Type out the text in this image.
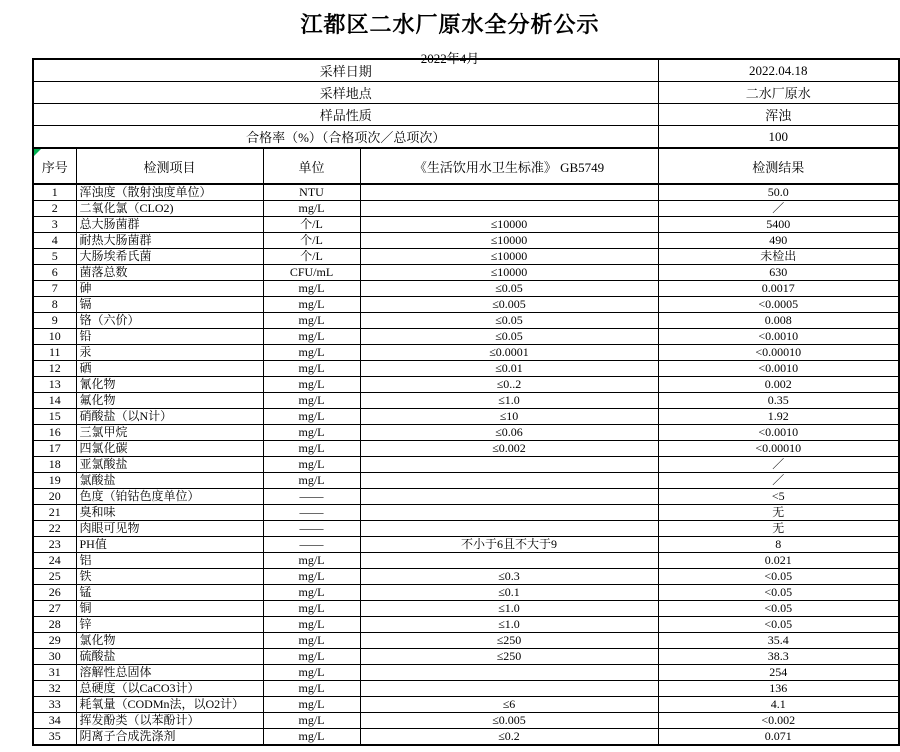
江都区二水厂原水全分析公示
2022年4月
采样日期				2022.04.18
采样地点				二水厂原水
样品性质				浑浊
合格率（%）（合格项次／总项次）				100
序号	检测项目	单位	《生活饮用水卫生标准》 GB5749	检测结果
1	浑浊度（散射浊度单位）	NTU		50.0
2	二氧化氯（CLO2)	mg/L		／
3	总大肠菌群	个/L	≤10000	5400
4	耐热大肠菌群	个/L	≤10000	490
5	大肠埃希氏菌	个/L	≤10000	未检出
6	菌落总数	CFU/mL	≤10000	630
7	砷	mg/L	≤0.05	0.0017
8	镉	mg/L	≤0.005	<0.0005
9	铬（六价）	mg/L	≤0.05	0.008
10	铅	mg/L	≤0.05	<0.0010
11	汞	mg/L	≤0.0001	<0.00010
12	硒	mg/L	≤0.01	<0.0010
13	氰化物	mg/L	≤0..2	0.002
14	氟化物	mg/L	≤1.0	0.35
15	硝酸盐（以N计）	mg/L	≤10	1.92
16	三氯甲烷	mg/L	≤0.06	<0.0010
17	四氯化碳	mg/L	≤0.002	<0.00010
18	亚氯酸盐	mg/L		／
19	氯酸盐	mg/L		／
20	色度（铂钴色度单位）	——		<5
21	臭和味	——		无
22	肉眼可见物	——		无
23	PH值	——	不小于6且不大于9	8
24	铝	mg/L		0.021
25	铁	mg/L	≤0.3	<0.05
26	锰	mg/L	≤0.1	<0.05
27	铜	mg/L	≤1.0	<0.05
28	锌	mg/L	≤1.0	<0.05
29	氯化物	mg/L	≤250	35.4
30	硫酸盐	mg/L	≤250	38.3
31	溶解性总固体	mg/L		254
32	总硬度（以CaCO3计）	mg/L		136
33	耗氧量（CODMn法，以O2计）	mg/L	≤6	4.1
34	挥发酚类（以苯酚计）	mg/L	≤0.005	<0.002
35	阴离子合成洗涤剂	mg/L	≤0.2	0.071
